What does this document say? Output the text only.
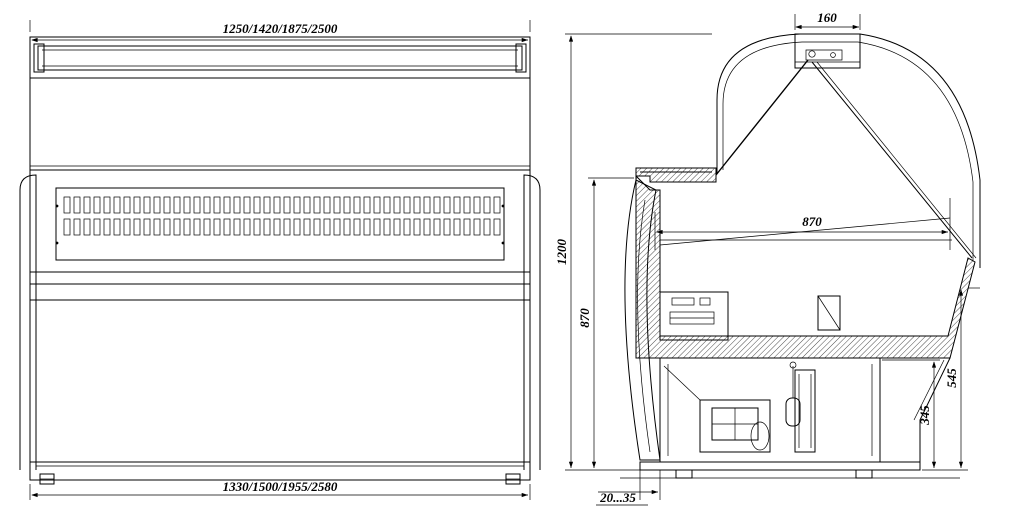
1250/1420/1875/2500
1330/1500/1955/2580
160
870
1200
870
545
345
20...35
